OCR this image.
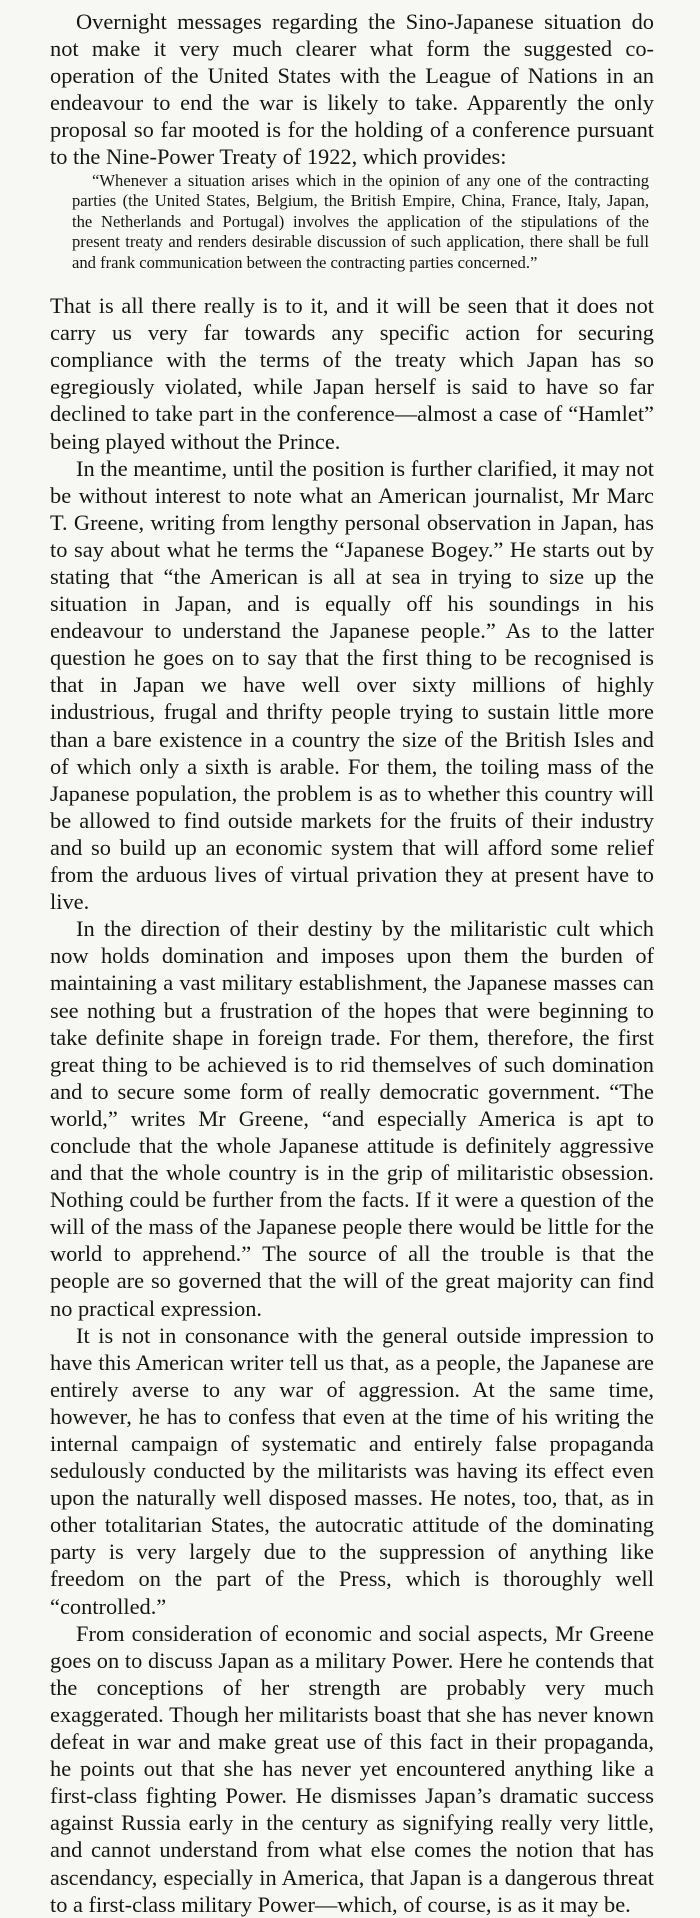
Overnight messages regarding the Sino-Japanese situation do not make it very much clearer what form the suggested co-operation of the United States with the League of Nations in an endeavour to end the war is likely to take. Apparently the only proposal so far mooted is for the holding of a conference pursuant to the Nine-Power Treaty of 1922, which provides:

“Whenever a situation arises which in the opinion of any one of the contracting parties (the United States, Belgium, the British Empire, China, France, Italy, Japan, the Netherlands and Portugal) involves the application of the stipulations of the present treaty and renders desirable discussion of such application, there shall be full and frank communication between the contracting parties concerned.”

That is all there really is to it, and it will be seen that it does not carry us very far towards any specific action for securing compliance with the terms of the treaty which Japan has so egregiously violated, while Japan herself is said to have so far declined to take part in the conference—almost a case of “Hamlet” being played without the Prince.

In the meantime, until the position is further clarified, it may not be without interest to note what an American journalist, Mr Marc T. Greene, writing from lengthy personal observation in Japan, has to say about what he terms the “Japanese Bogey.” He starts out by stating that “the American is all at sea in trying to size up the situation in Japan, and is equally off his soundings in his endeavour to understand the Japanese people.” As to the latter question he goes on to say that the first thing to be recognised is that in Japan we have well over sixty millions of highly industrious, frugal and thrifty people trying to sustain little more than a bare existence in a country the size of the British Isles and of which only a sixth is arable. For them, the toiling mass of the Japanese population, the problem is as to whether this country will be allowed to find outside markets for the fruits of their industry and so build up an economic system that will afford some relief from the arduous lives of virtual privation they at present have to live.

In the direction of their destiny by the militaristic cult which now holds domination and imposes upon them the burden of maintaining a vast military establishment, the Japanese masses can see nothing but a frustration of the hopes that were beginning to take definite shape in foreign trade. For them, therefore, the first great thing to be achieved is to rid themselves of such domination and to secure some form of really democratic government. “The world,” writes Mr Greene, “and especially America is apt to conclude that the whole Japanese attitude is definitely aggressive and that the whole country is in the grip of militaristic obsession. Nothing could be further from the facts. If it were a question of the will of the mass of the Japanese people there would be little for the world to apprehend.” The source of all the trouble is that the people are so governed that the will of the great majority can find no practical expression.

It is not in consonance with the general outside impression to have this American writer tell us that, as a people, the Japanese are entirely averse to any war of aggression. At the same time, however, he has to confess that even at the time of his writing the internal campaign of systematic and entirely false propaganda sedulously conducted by the militarists was having its effect even upon the naturally well disposed masses. He notes, too, that, as in other totalitarian States, the autocratic attitude of the dominating party is very largely due to the suppression of anything like freedom on the part of the Press, which is thoroughly well “controlled.”

From consideration of economic and social aspects, Mr Greene goes on to discuss Japan as a military Power. Here he contends that the conceptions of her strength are probably very much exaggerated. Though her militarists boast that she has never known defeat in war and make great use of this fact in their propaganda, he points out that she has never yet encountered anything like a first-class fighting Power. He dismisses Japan’s dramatic success against Russia early in the century as signifying really very little, and cannot understand from what else comes the notion that has ascendancy, especially in America, that Japan is a dangerous threat to a first-class military Power—which, of course, is as it may be.
